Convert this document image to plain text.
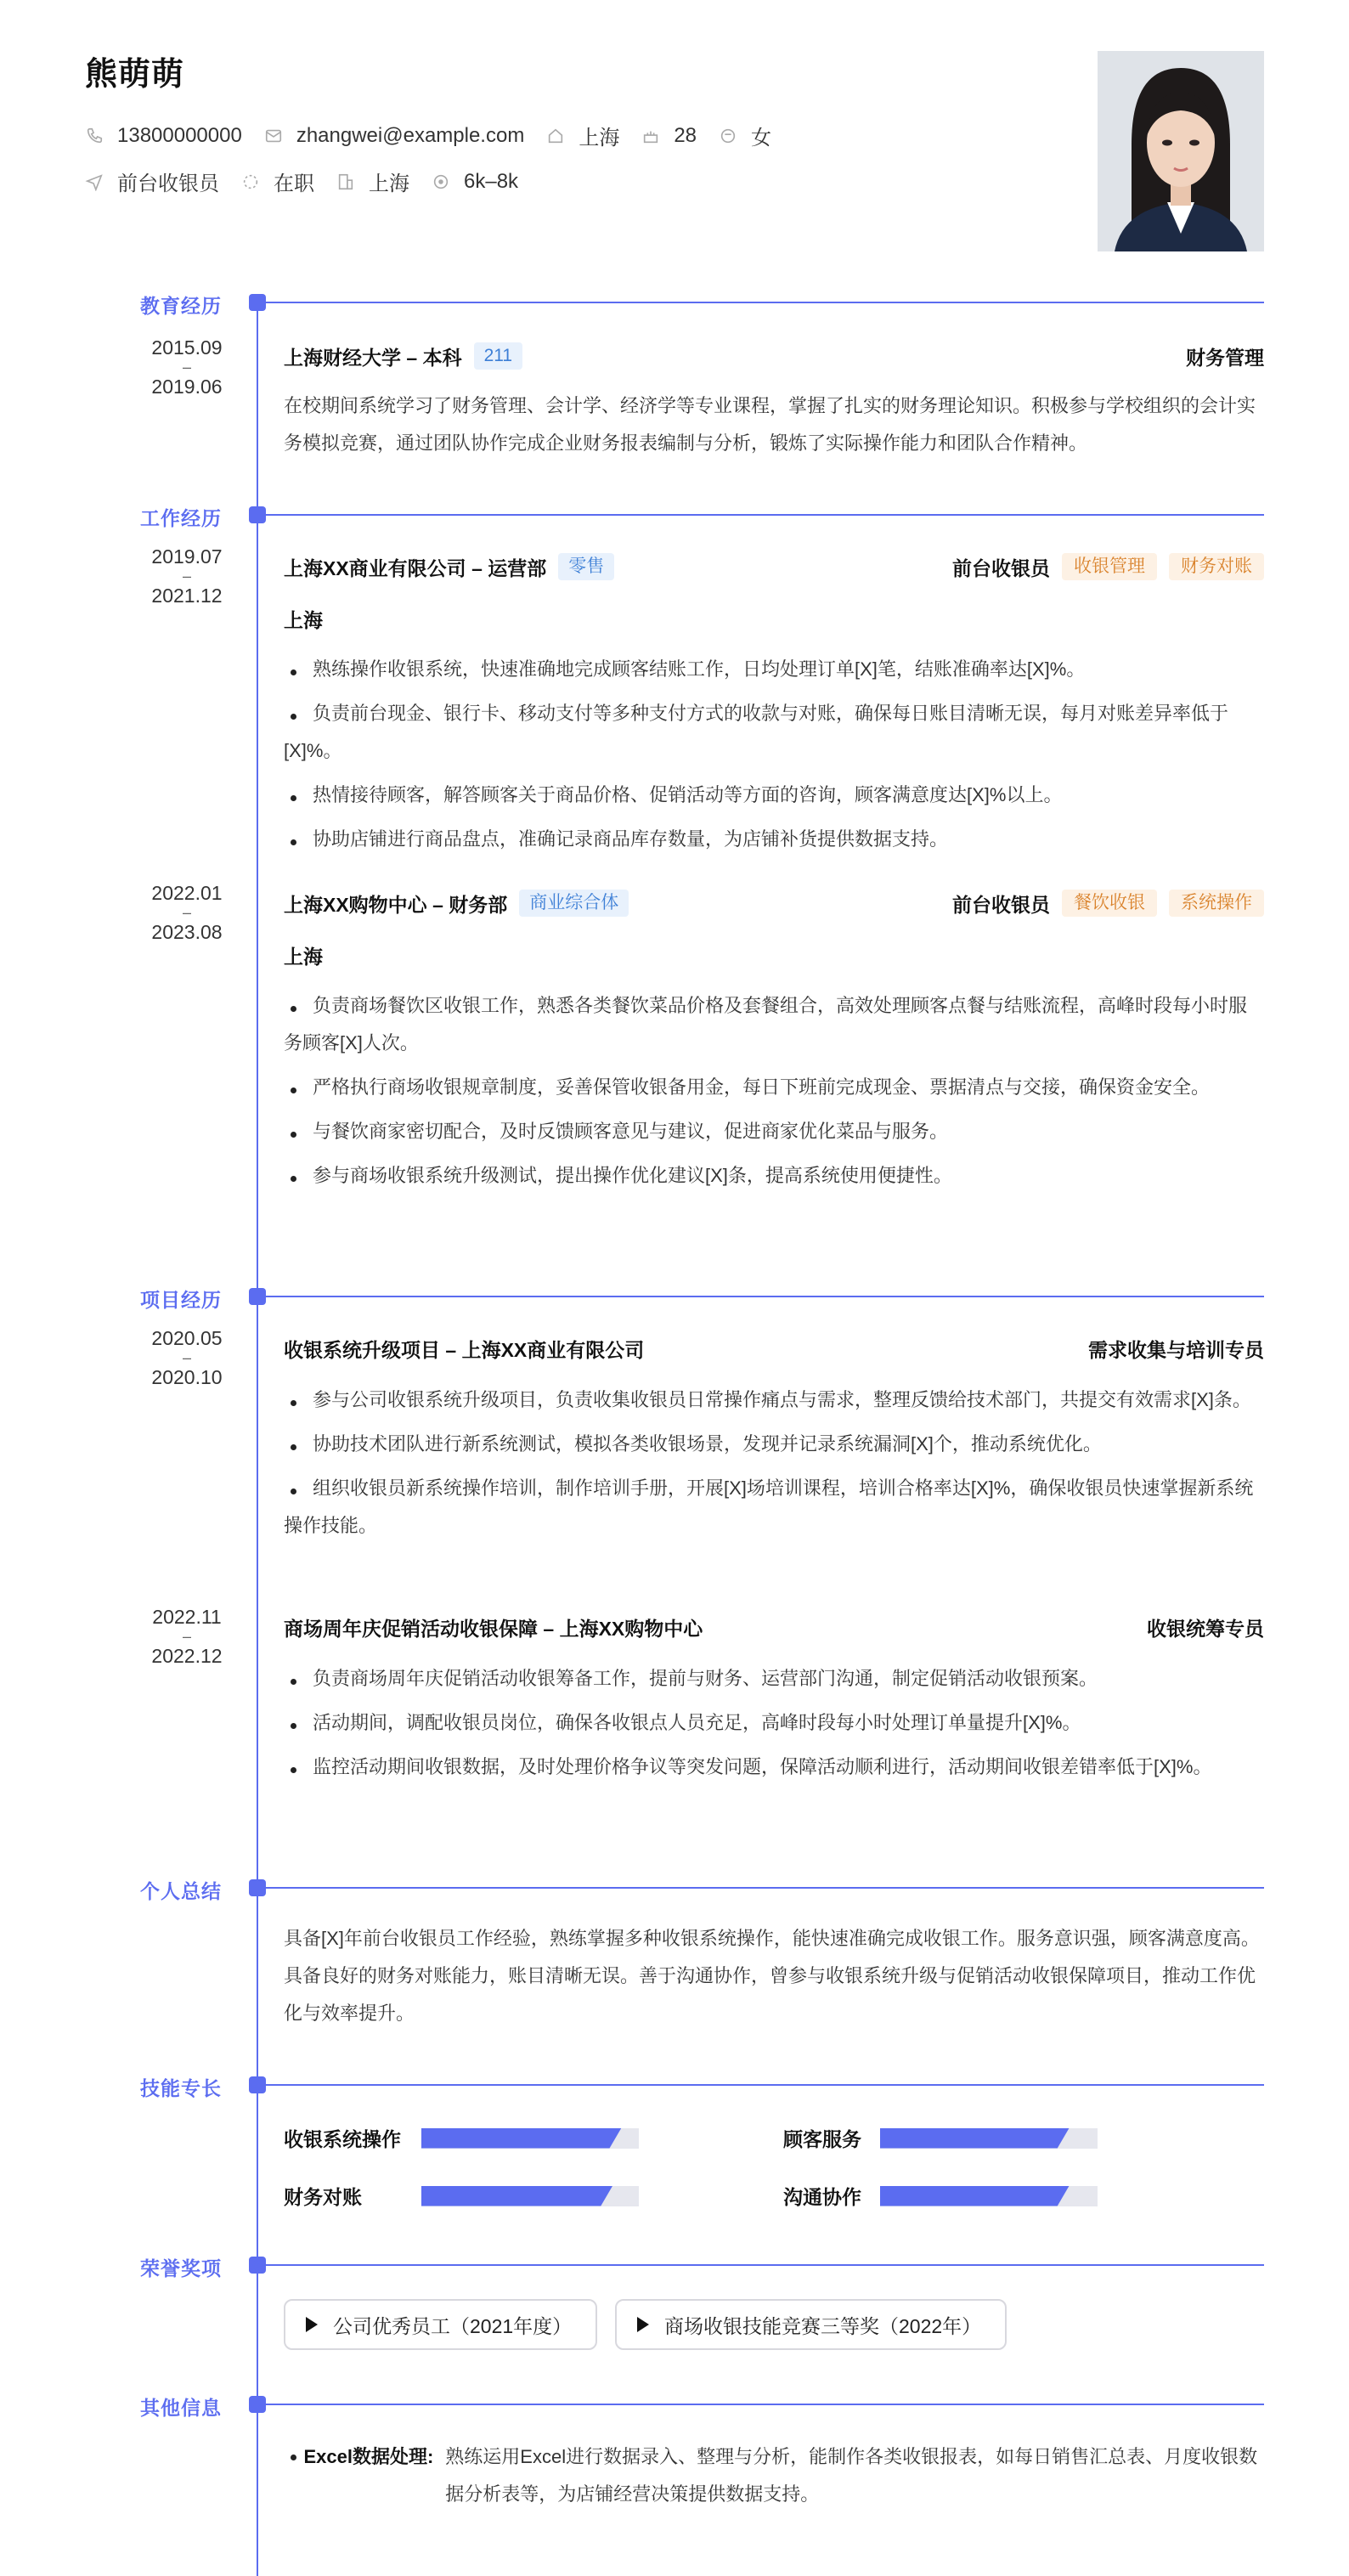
熊萌萌
13800000000	zhangwei@example.com	上海	28	女
前台收银员	在职	上海	6k–8k
教育经历
2015.09
–
2019.06
上海财经大学 – 本科	211	财务管理
在校期间系统学习了财务管理、会计学、经济学等专业课程，掌握了扎实的财务理论知识。积极参与学校组织的会计实务模拟竞赛，通过团队协作完成企业财务报表编制与分析，锻炼了实际操作能力和团队合作精神。
工作经历
2019.07
–
2021.12
上海XX商业有限公司 – 运营部	零售	前台收银员	收银管理	财务对账
上海
熟练操作收银系统，快速准确地完成顾客结账工作，日均处理订单[X]笔，结账准确率达[X]%。
负责前台现金、银行卡、移动支付等多种支付方式的收款与对账，确保每日账目清晰无误，每月对账差异率低于[X]%。
热情接待顾客，解答顾客关于商品价格、促销活动等方面的咨询，顾客满意度达[X]%以上。
协助店铺进行商品盘点，准确记录商品库存数量，为店铺补货提供数据支持。
2022.01
–
2023.08
上海XX购物中心 – 财务部	商业综合体	前台收银员	餐饮收银	系统操作
上海
负责商场餐饮区收银工作，熟悉各类餐饮菜品价格及套餐组合，高效处理顾客点餐与结账流程，高峰时段每小时服务顾客[X]人次。
严格执行商场收银规章制度，妥善保管收银备用金，每日下班前完成现金、票据清点与交接，确保资金安全。
与餐饮商家密切配合，及时反馈顾客意见与建议，促进商家优化菜品与服务。
参与商场收银系统升级测试，提出操作优化建议[X]条，提高系统使用便捷性。
项目经历
2020.05
–
2020.10
收银系统升级项目 – 上海XX商业有限公司	需求收集与培训专员
参与公司收银系统升级项目，负责收集收银员日常操作痛点与需求，整理反馈给技术部门，共提交有效需求[X]条。
协助技术团队进行新系统测试，模拟各类收银场景，发现并记录系统漏洞[X]个，推动系统优化。
组织收银员新系统操作培训，制作培训手册，开展[X]场培训课程，培训合格率达[X]%，确保收银员快速掌握新系统操作技能。
2022.11
–
2022.12
商场周年庆促销活动收银保障 – 上海XX购物中心	收银统筹专员
负责商场周年庆促销活动收银筹备工作，提前与财务、运营部门沟通，制定促销活动收银预案。
活动期间，调配收银员岗位，确保各收银点人员充足，高峰时段每小时处理订单量提升[X]%。
监控活动期间收银数据，及时处理价格争议等突发问题，保障活动顺利进行，活动期间收银差错率低于[X]%。
个人总结
具备[X]年前台收银员工作经验，熟练掌握多种收银系统操作，能快速准确完成收银工作。服务意识强，顾客满意度高。具备良好的财务对账能力，账目清晰无误。善于沟通协作，曾参与收银系统升级与促销活动收银保障项目，推动工作优化与效率提升。
技能专长
收银系统操作	顾客服务
财务对账	沟通协作
荣誉奖项
公司优秀员工（2021年度）	商场收银技能竞赛三等奖（2022年）
其他信息
Excel数据处理: 熟练运用Excel进行数据录入、整理与分析，能制作各类收银报表，如每日销售汇总表、月度收银数据分析表等，为店铺经营决策提供数据支持。
